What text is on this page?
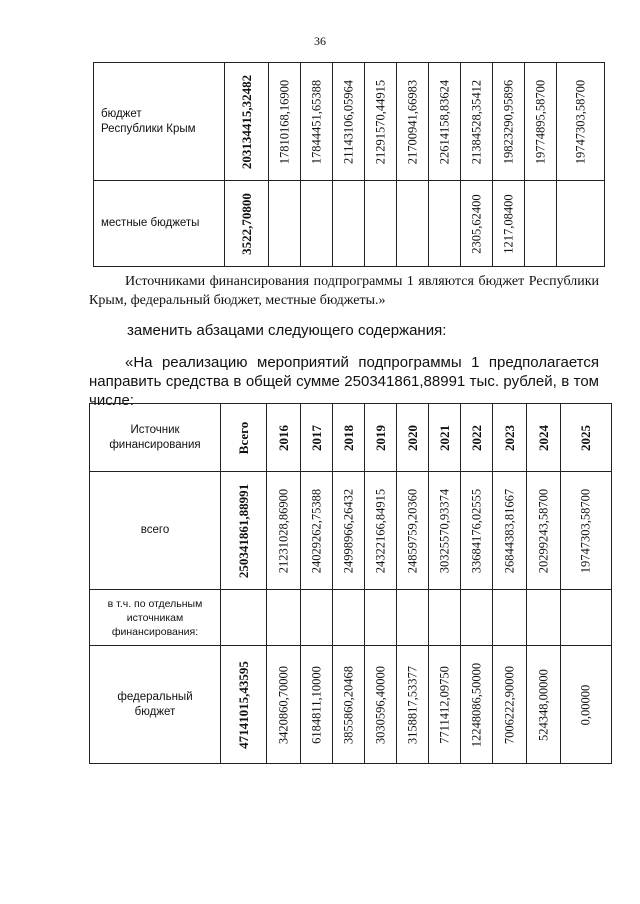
36
бюджет
Республики Крым	203134415,32482	17810168,16900	17844451,65388	21143106,05964	21291570,44915	21700941,66983	22614158,83624	21384528,35412	19823290,95896	19774895,58700	19747303,58700

местные бюджеты	3522,70800							2305,62400	1217,08400		

Источниками финансирования подпрограммы 1 являются бюджет Республики Крым, федеральный бюджет, местные бюджеты.»
заменить абзацами следующего содержания:
«На реализацию мероприятий подпрограммы 1 предполагается направить средства в общей сумме 250341861,88991 тыс. рублей, в том числе:
Источник
финансирования	Всего	2016	2017	2018	2019	2020	2021	2022	2023	2024	2025

всего	250341861,88991	21231028,86900	24029262,75388	24998966,26432	24322166,84915	24859759,20360	30325570,93374	33684176,02555	26844383,81667	20299243,58700	19747303,58700

в т.ч. по отдельным
источникам
финансирования:											

федеральный
бюджет	47141015,43595	3420860,70000	6184811,10000	3855860,20468	3030596,40000	3158817,53377	7711412,09750	12248086,50000	7006222,90000	524348,00000	0,00000
